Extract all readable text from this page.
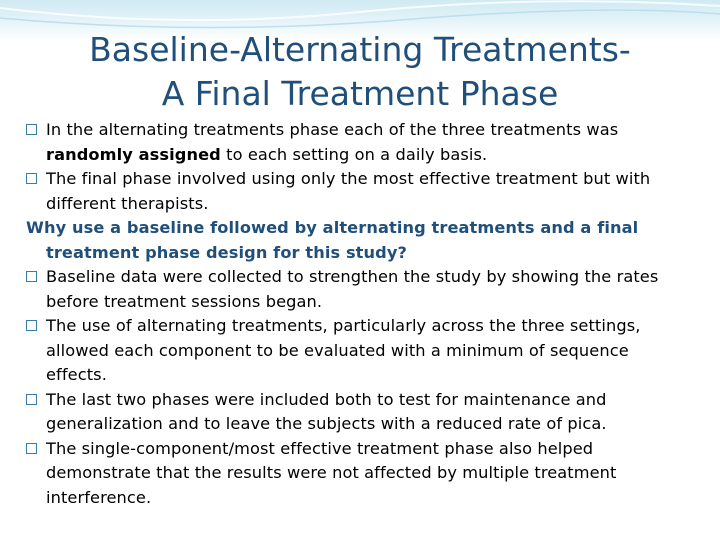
Baseline-Alternating Treatments-
A Final Treatment Phase
In the alternating treatments phase each of the three treatments was randomly assigned to each setting on a daily basis.
The final phase involved using only the most effective treatment but with different therapists.
Why use a baseline followed by alternating treatments and a final
treatment phase design for this study?
Baseline data were collected to strengthen the study by showing the rates before treatment sessions began.
The use of alternating treatments, particularly across the three settings, allowed each component to be evaluated with a minimum of sequence effects.
The last two phases were included both to test for maintenance and generalization and to leave the subjects with a reduced rate of pica.
The single-component/most effective treatment phase also helped demonstrate that the results were not affected by multiple treatment interference.
